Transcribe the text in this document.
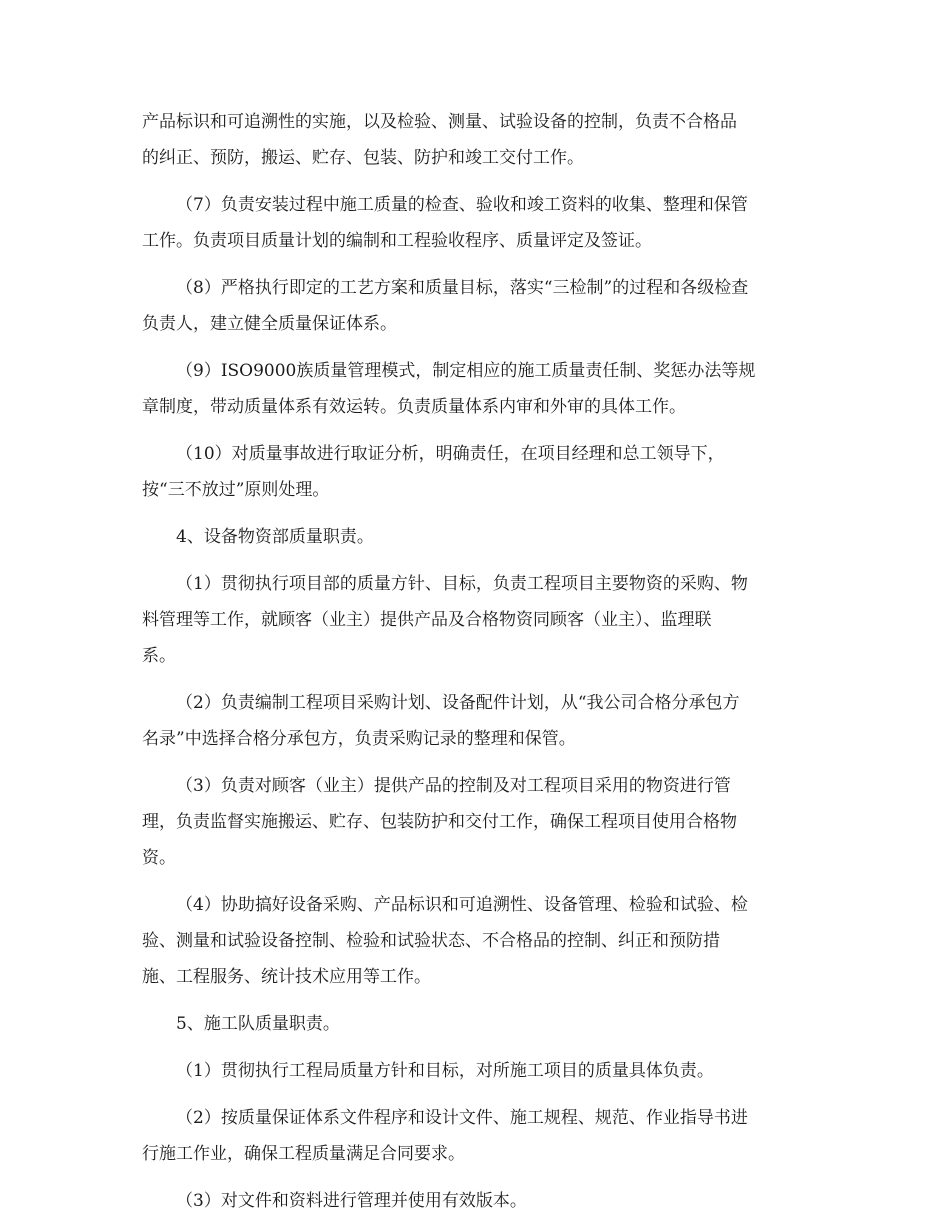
产品标识和可追溯性的实施，以及检验、测量、试验设备的控制，负责不合格品
的纠正、预防，搬运、贮存、包装、防护和竣工交付工作。
（7）负责安装过程中施工质量的检查、验收和竣工资料的收集、整理和保管
工作。负责项目质量计划的编制和工程验收程序、质量评定及签证。
（8）严格执行即定的工艺方案和质量目标，落实“三检制”的过程和各级检查
负责人，建立健全质量保证体系。
（9）ISO9000族质量管理模式，制定相应的施工质量责任制、奖惩办法等规
章制度，带动质量体系有效运转。负责质量体系内审和外审的具体工作。
（10）对质量事故进行取证分析，明确责任，在项目经理和总工领导下，
按“三不放过”原则处理。
4、设备物资部质量职责。
（1）贯彻执行项目部的质量方针、目标，负责工程项目主要物资的采购、物
料管理等工作，就顾客（业主）提供产品及合格物资同顾客（业主）、监理联
系。
（2）负责编制工程项目采购计划、设备配件计划，从“我公司合格分承包方
名录”中选择合格分承包方，负责采购记录的整理和保管。
（3）负责对顾客（业主）提供产品的控制及对工程项目采用的物资进行管
理，负责监督实施搬运、贮存、包装防护和交付工作，确保工程项目使用合格物
资。
（4）协助搞好设备采购、产品标识和可追溯性、设备管理、检验和试验、检
验、测量和试验设备控制、检验和试验状态、不合格品的控制、纠正和预防措
施、工程服务、统计技术应用等工作。
5、施工队质量职责。
（1）贯彻执行工程局质量方针和目标，对所施工项目的质量具体负责。
（2）按质量保证体系文件程序和设计文件、施工规程、规范、作业指导书进
行施工作业，确保工程质量满足合同要求。
（3）对文件和资料进行管理并使用有效版本。
